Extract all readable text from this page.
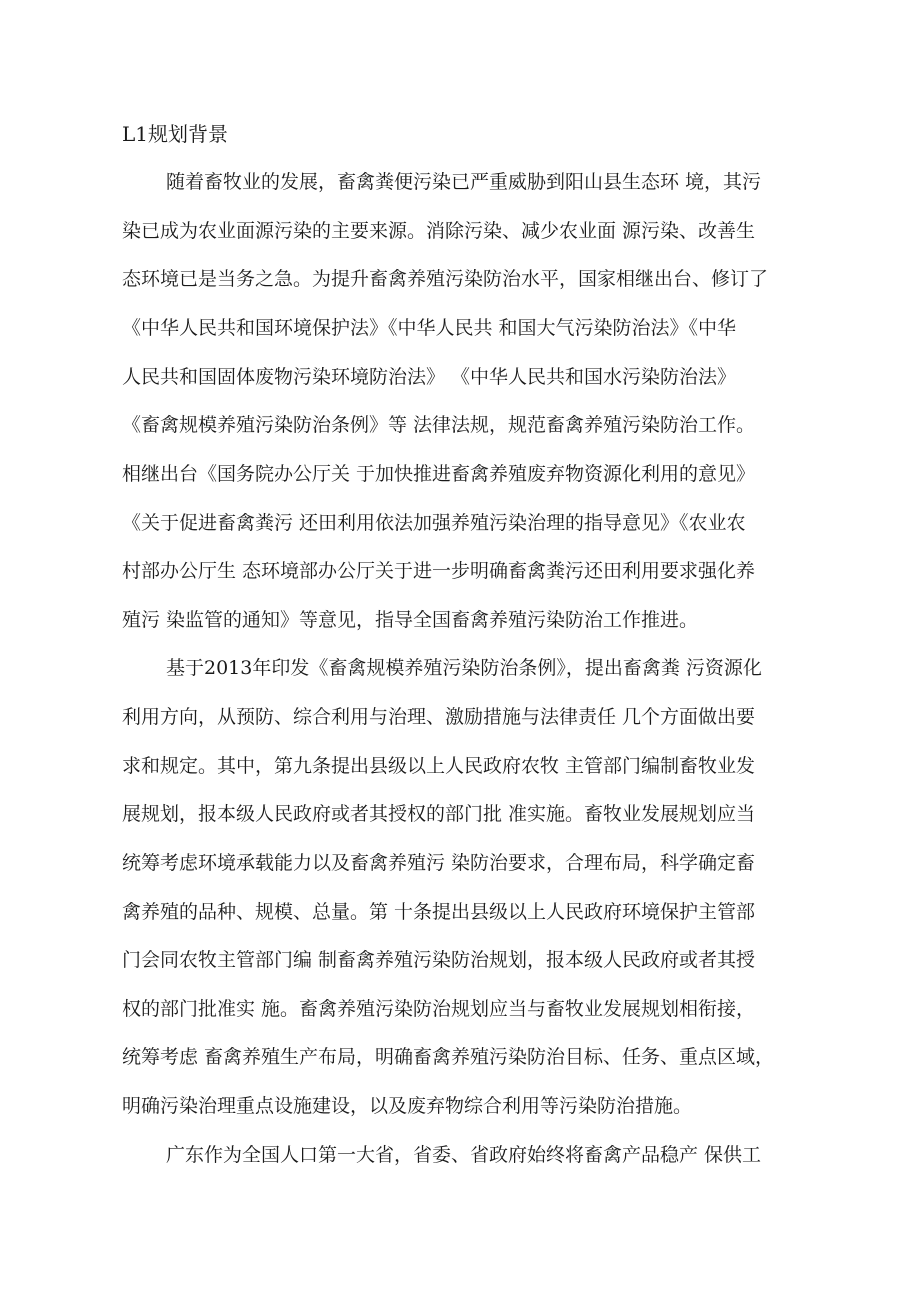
L1规划背景
随着畜牧业的发展，畜禽粪便污染已严重威胁到阳山县生态环 境，其污
染已成为农业面源污染的主要来源。消除污染、减少农业面 源污染、改善生
态环境已是当务之急。为提升畜禽养殖污染防治水平，国家相继出台、修订了
《中华人民共和国环境保护法》《中华人民共 和国大气污染防治法》《中华
人民共和国固体废物污染环境防治法》 《中华人民共和国水污染防治法》
《畜禽规模养殖污染防治条例》等 法律法规，规范畜禽养殖污染防治工作。
相继出台《国务院办公厅关 于加快推进畜禽养殖废弃物资源化利用的意见》
《关于促进畜禽粪污 还田利用依法加强养殖污染治理的指导意见》《农业农
村部办公厅生 态环境部办公厅关于进一步明确畜禽粪污还田利用要求强化养
殖污 染监管的通知》等意见，指导全国畜禽养殖污染防治工作推进。
基于2013年印发《畜禽规模养殖污染防治条例》，提出畜禽粪 污资源化
利用方向，从预防、综合利用与治理、激励措施与法律责任 几个方面做出要
求和规定。其中，第九条提出县级以上人民政府农牧 主管部门编制畜牧业发
展规划，报本级人民政府或者其授权的部门批 准实施。畜牧业发展规划应当
统筹考虑环境承载能力以及畜禽养殖污 染防治要求，合理布局，科学确定畜
禽养殖的品种、规模、总量。第 十条提出县级以上人民政府环境保护主管部
门会同农牧主管部门编 制畜禽养殖污染防治规划，报本级人民政府或者其授
权的部门批准实 施。畜禽养殖污染防治规划应当与畜牧业发展规划相衔接，
统筹考虑 畜禽养殖生产布局，明确畜禽养殖污染防治目标、任务、重点区域，
明确污染治理重点设施建设，以及废弃物综合利用等污染防治措施。
广东作为全国人口第一大省，省委、省政府始终将畜禽产品稳产 保供工
